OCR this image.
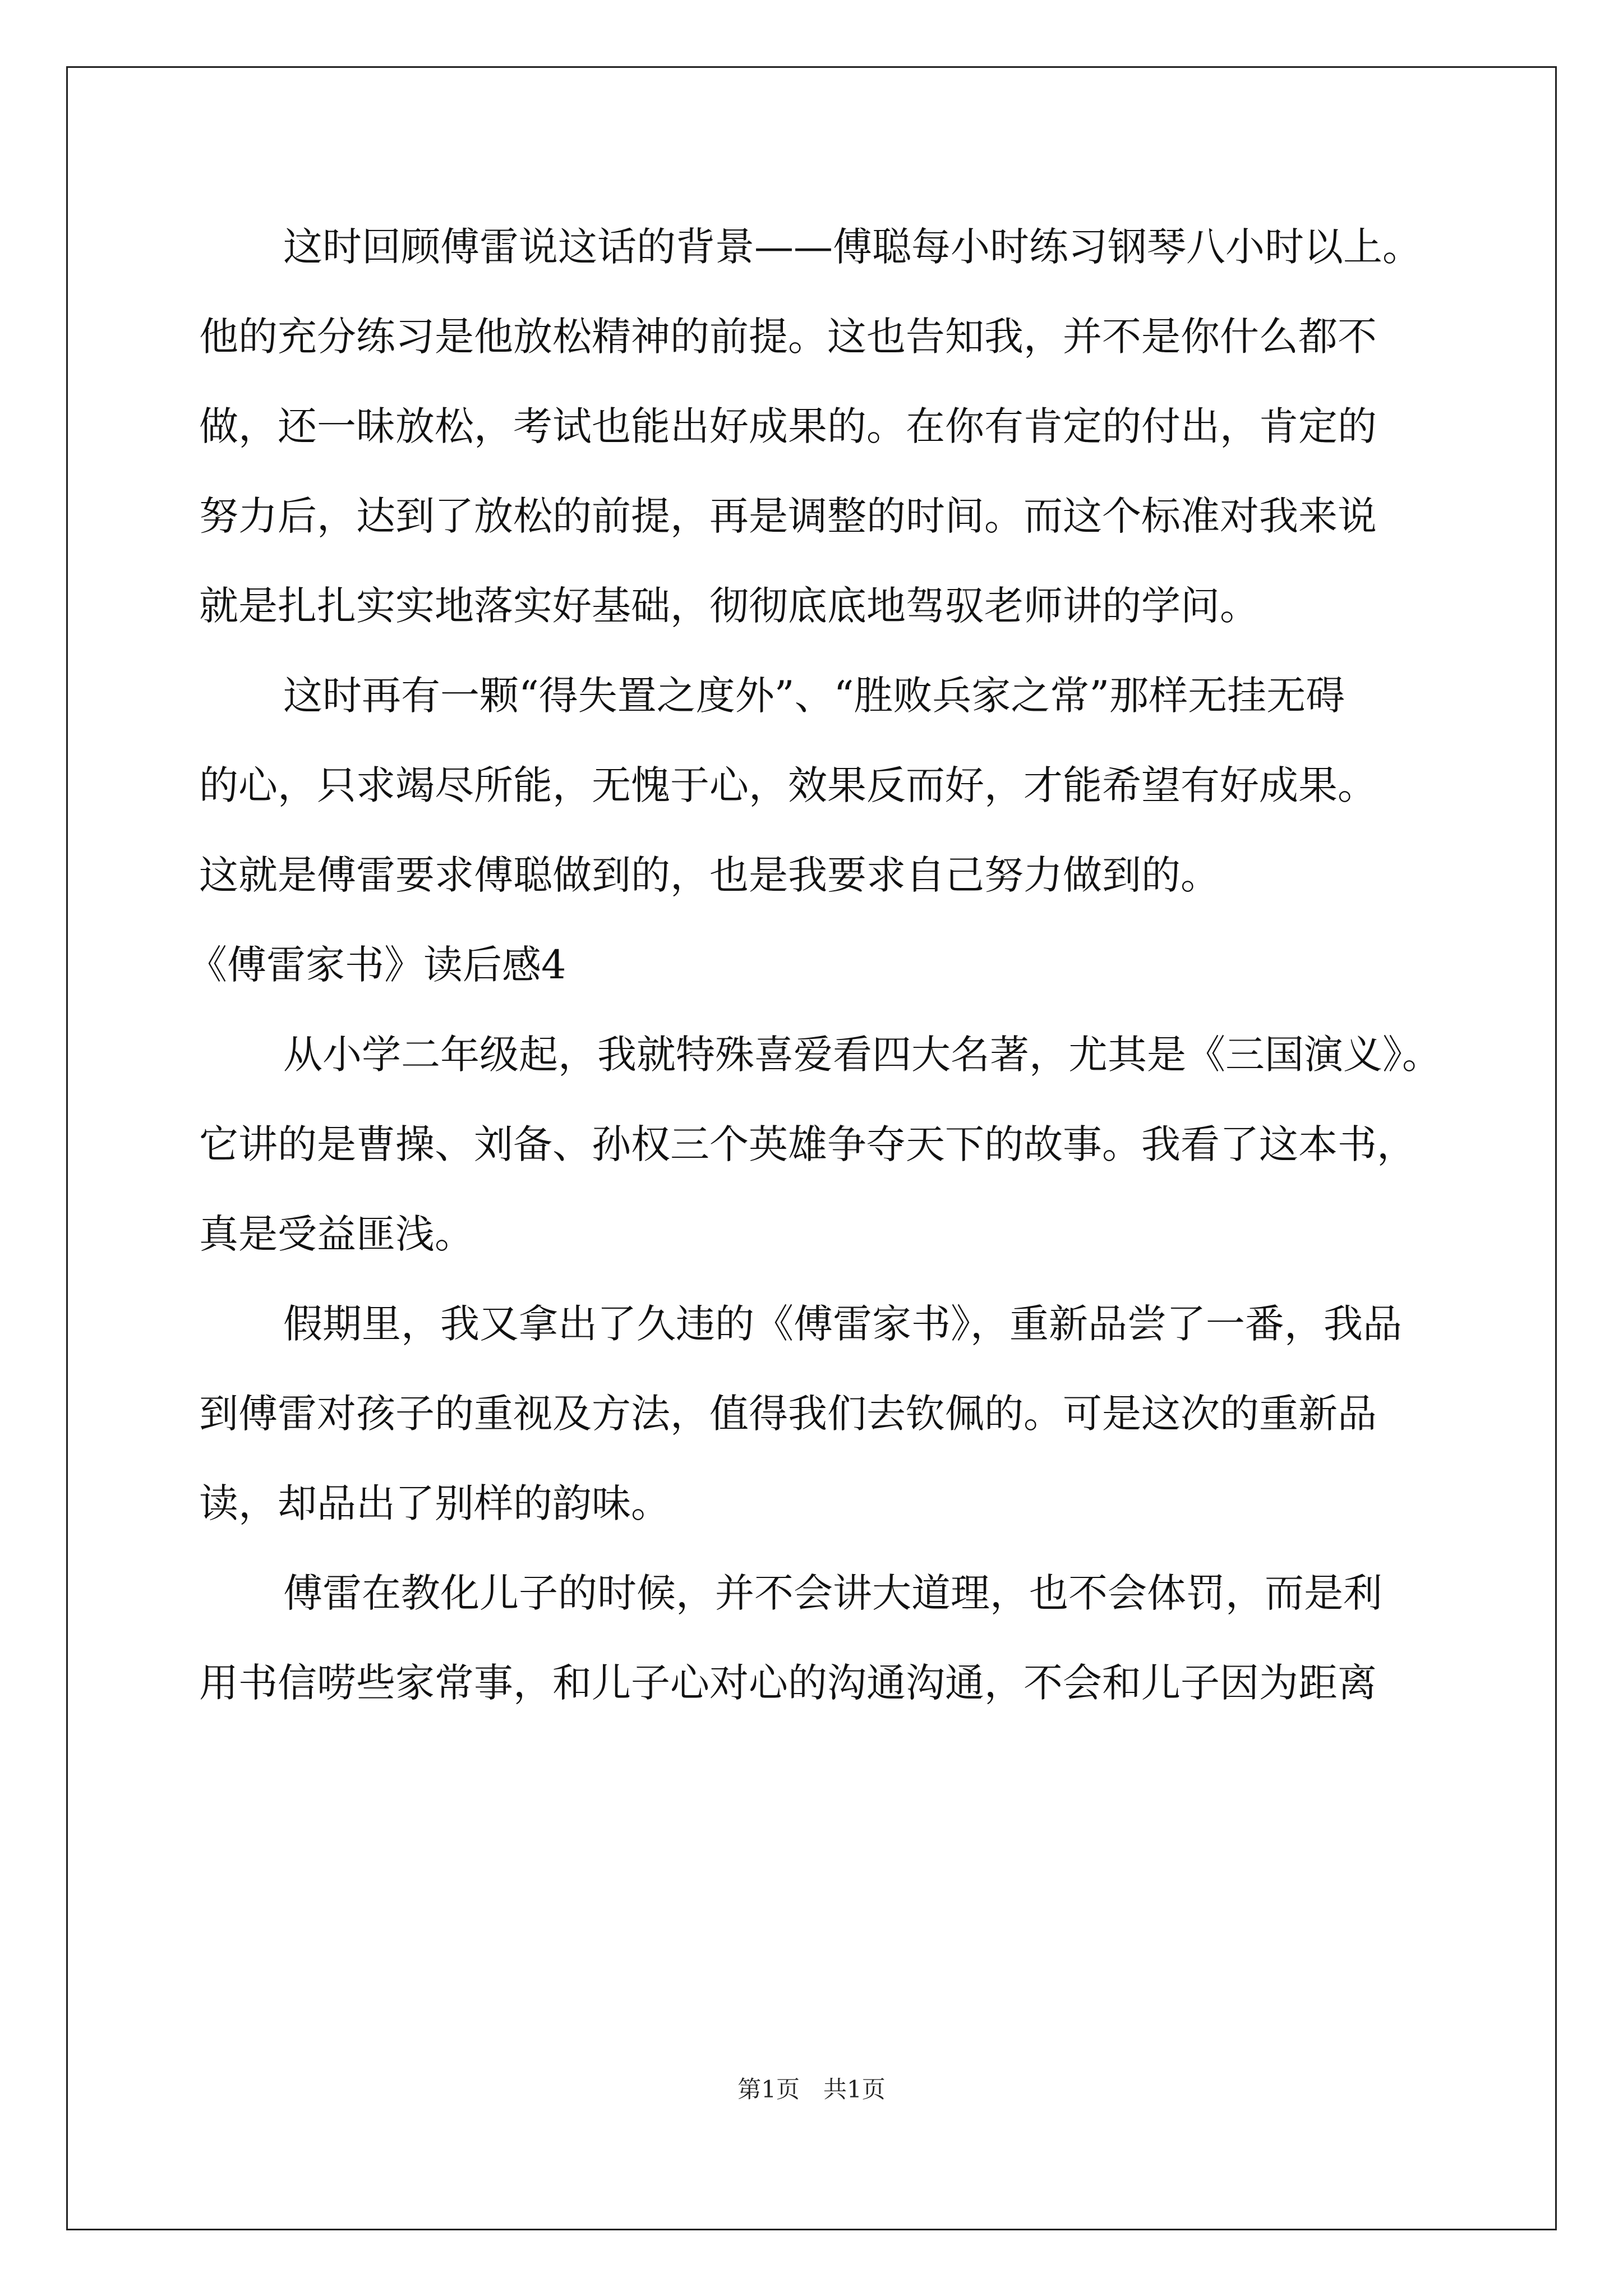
这时回顾傅雷说这话的背景——傅聪每小时练习钢琴八小时以上。
他的充分练习是他放松精神的前提。这也告知我，并不是你什么都不
做，还一昧放松，考试也能出好成果的。在你有肯定的付出，肯定的
努力后，达到了放松的前提，再是调整的时间。而这个标准对我来说
就是扎扎实实地落实好基础，彻彻底底地驾驭老师讲的学问。
这时再有一颗“得失置之度外”、“胜败兵家之常”那样无挂无碍
的心，只求竭尽所能，无愧于心，效果反而好，才能希望有好成果。
这就是傅雷要求傅聪做到的，也是我要求自己努力做到的。
《傅雷家书》读后感4
从小学二年级起，我就特殊喜爱看四大名著，尤其是《三国演义》。
它讲的是曹操、刘备、孙权三个英雄争夺天下的故事。我看了这本书，
真是受益匪浅。
假期里，我又拿出了久违的《傅雷家书》，重新品尝了一番，我品
到傅雷对孩子的重视及方法，值得我们去钦佩的。可是这次的重新品
读，却品出了别样的韵味。
傅雷在教化儿子的时候，并不会讲大道理，也不会体罚，而是利
用书信唠些家常事，和儿子心对心的沟通沟通，不会和儿子因为距离
第1页　共1页
